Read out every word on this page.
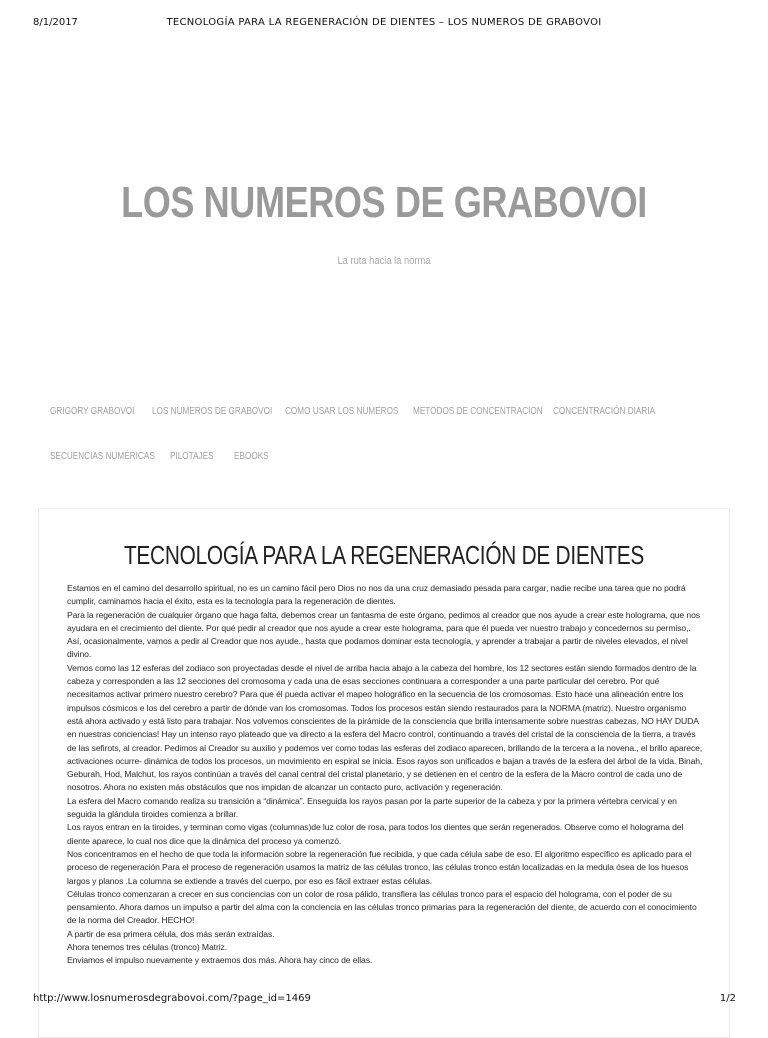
8/1/2017	TECNOLOGÍA PARA LA REGENERACIÓN DE DIENTES – LOS NUMEROS DE GRABOVOI
LOS NUMEROS DE GRABOVOI
La ruta hacia la norma
GRIGORY GRABOVOI LOS NUMEROS DE GRABOVOI COMO USAR LOS NUMEROS METODOS DE CONCENTRACION CONCENTRACIÓN DIARIA
SECUENCIAS NUMÉRICAS PILOTAJES EBOOKS
TECNOLOGÍA PARA LA REGENERACIÓN DE DIENTES

Estamos en el camino del desarrollo spiritual, no es un camino fácil pero Dios no nos da una cruz demasiado pesada para cargar, nadie recibe una tarea que no podrá cumplir, caminamos hacia el éxito, esta es la tecnología para la regeneración de dientes.

Para la regeneración de cualquier órgano que haga falta, debemos crear un fantasma de este órgano, pedimos al creador que nos ayude a crear este holograma, que nos ayudara en el crecimiento del diente. Por qué pedir al creador que nos ayude a crear este holograma, para que él pueda ver nuestro trabajo y concedernos su permiso,. Así, ocasionalmente, vamos a pedir al Creador que nos ayude., hasta que podamos dominar esta tecnología, y aprender a trabajar a partir de niveles elevados, el nivel divino.

Vemos como las 12 esferas del zodiaco son proyectadas desde el nivel de arriba hacia abajo a la cabeza del hombre, los 12 sectores están siendo formados dentro de la cabeza y corresponden a las 12 secciones del cromosoma y cada una de esas secciones continuara a corresponder a una parte particular del cerebro. Por qué necesitamos activar primero nuestro cerebro? Para que él pueda activar el mapeo holográfico en la secuencia de los cromosomas. Esto hace una alineación entre los impulsos cósmicos e los del cerebro a partir de dónde van los cromosomas. Todos los procesos están siendo restaurados para la NORMA (matriz). Nuestro organismo está ahora activado y está listo para trabajar. Nos volvemos conscientes de la pirámide de la consciencia que brilla intensamente sobre nuestras cabezas, NO HAY DUDA en nuestras conciencias! Hay un intenso rayo plateado que va directo a la esfera del Macro control, continuando a través del cristal de la consciencia de la tierra, a través de las sefirots, al creador. Pedimos al Creador su auxilio y podemos ver como todas las esferas del zodiaco aparecen, brillando de la tercera a la novena., el brillo aparece, activaciones ocurre- dinámica de todos los procesos, un movimiento en espiral se inicia. Esos rayos son unificados e bajan a través de la esfera del árbol de la vida. Binah, Geburah, Hod, Malchut, los rayos continúan a través del canal central del cristal planetario, y se detienen en el centro de la esfera de la Macro control de cada uno de nosotros. Ahora no existen más obstáculos que nos impidan de alcanzar un contacto puro, activación y regeneración.

La esfera del Macro comando realiza su transición a “dinámica”. Enseguida los rayos pasan por la parte superior de la cabeza y por la primera vértebra cervical y en seguida la glándula tiroides comienza a brillar.

Los rayos entran en la tiroides, y terminan como vigas (columnas)de luz color de rosa, para todos los dientes que serán regenerados. Observe como el holograma del diente aparece, lo cual nos dice que la dinámica del proceso ya comenzó.

Nos concentramos en el hecho de que toda la información sobre la regeneración fue recibida, y que cada célula sabe de eso. El algoritmo específico es aplicado para el proceso de regeneración Para el proceso de regeneración usamos la matriz de las células tronco, las células tronco están localizadas en la medula ósea de los huesos largos y planos .La columna se extiende a través del cuerpo, por eso es fácil extraer estas células.

Células tronco comenzaran a crecer en sus conciencias con un color de rosa pálido, transfiera las células tronco para el espacio del holograma, con el poder de su pensamiento. Ahora damos un impulso a partir del alma con la conciencia en las células tronco primarias para la regeneración del diente, de acuerdo con el conocimiento de la norma del Creador. HECHO!

A partir de esa primera célula, dos más serán extraídas.

Ahora tenemos tres células (tronco) Matriz.

Enviamos el impulso nuevamente y extraemos dos más. Ahora hay cinco de ellas.

http://www.losnumerosdegrabovoi.com/?page_id=1469	1/2
